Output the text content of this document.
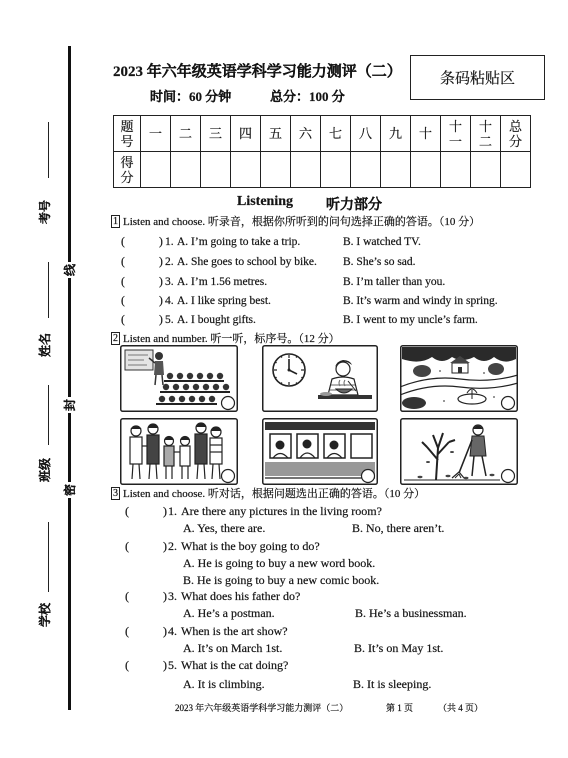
考号
线
姓名
封
班级
密
学校
2023 年六年级英语学科学习能力测评（二）	条码粘贴区
时间：60 分钟	总分：100 分
题号	一	二	三	四	五	六	七	八	九	十	十一	十二	总分
得分													
Listening 听力部分
1 Listen and choose. 听录音，根据你所听到的问句选择正确的答语。（10 分）
(	) 1. A. I’m going to take a trip.	B. I watched TV.
(	) 2. A. She goes to school by bike. B. She’s so sad.
(	) 3. A. I’m 1.56 metres.	B. I’m taller than you.
(	) 4. A. I like spring best.	B. It’s warm and windy in spring.
(	) 5. A. I bought gifts.	B. I went to my uncle’s farm.
2 Listen and number. 听一听，标序号。（12 分）
3 Listen and choose. 听对话，根据问题选出正确的答语。（10 分）
(	) 1. Are there any pictures in the living room?
A. Yes, there are.	B. No, there aren’t.
(	) 2. What is the boy going to do?
A. He is going to buy a new word book.
B. He is going to buy a new comic book.
(	) 3. What does his father do?
A. He’s a postman.	B. He’s a businessman.
(	) 4. When is the art show?
A. It’s on March 1st.	B. It’s on May 1st.
(	) 5. What is the cat doing?
A. It is climbing.	B. It is sleeping.
2023 年六年级英语学科学习能力测评（二）	第 1 页	（共 4 页）
